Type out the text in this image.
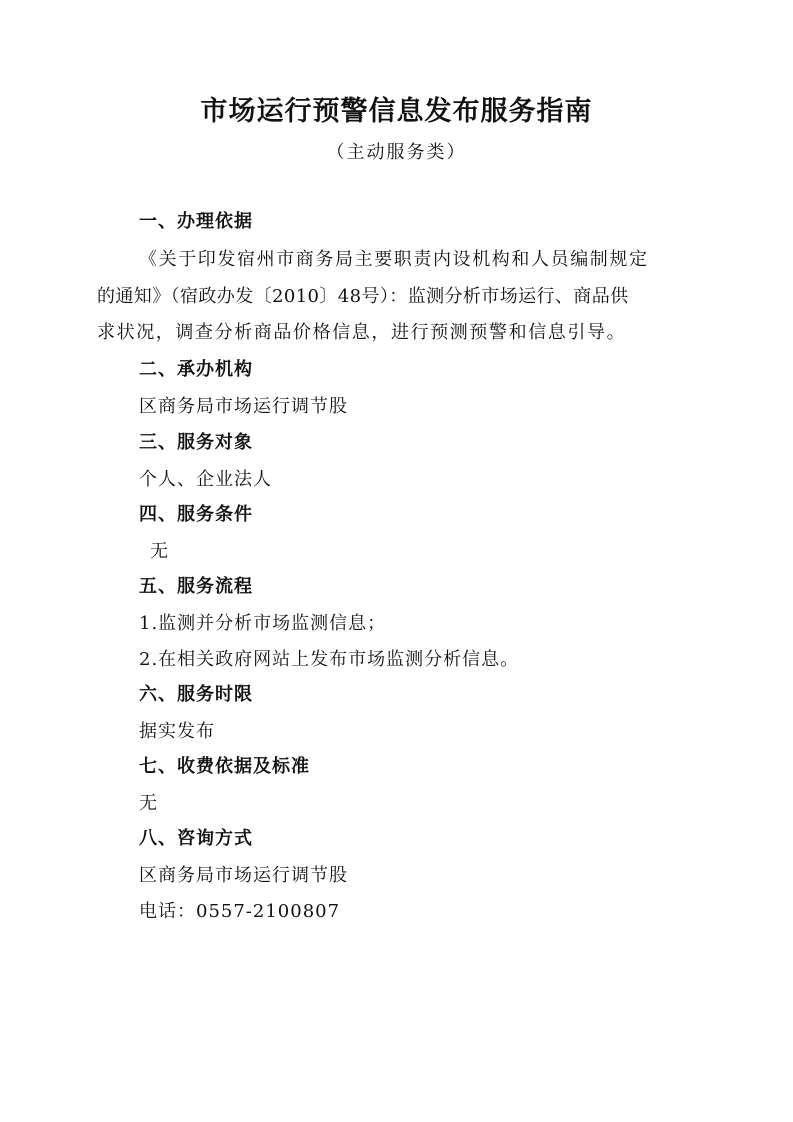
市场运行预警信息发布服务指南
（主动服务类）
一、办理依据
《关于印发宿州市商务局主要职责内设机构和人员编制规定
的通知》（宿政办发〔2010〕48号）：监测分析市场运行、商品供
求状况，调查分析商品价格信息，进行预测预警和信息引导。
二、承办机构
区商务局市场运行调节股
三、服务对象
个人、企业法人
四、服务条件
无
五、服务流程
1.监测并分析市场监测信息；
2.在相关政府网站上发布市场监测分析信息。
六、服务时限
据实发布
七、收费依据及标准
无
八、咨询方式
区商务局市场运行调节股
电话：0557-2100807
